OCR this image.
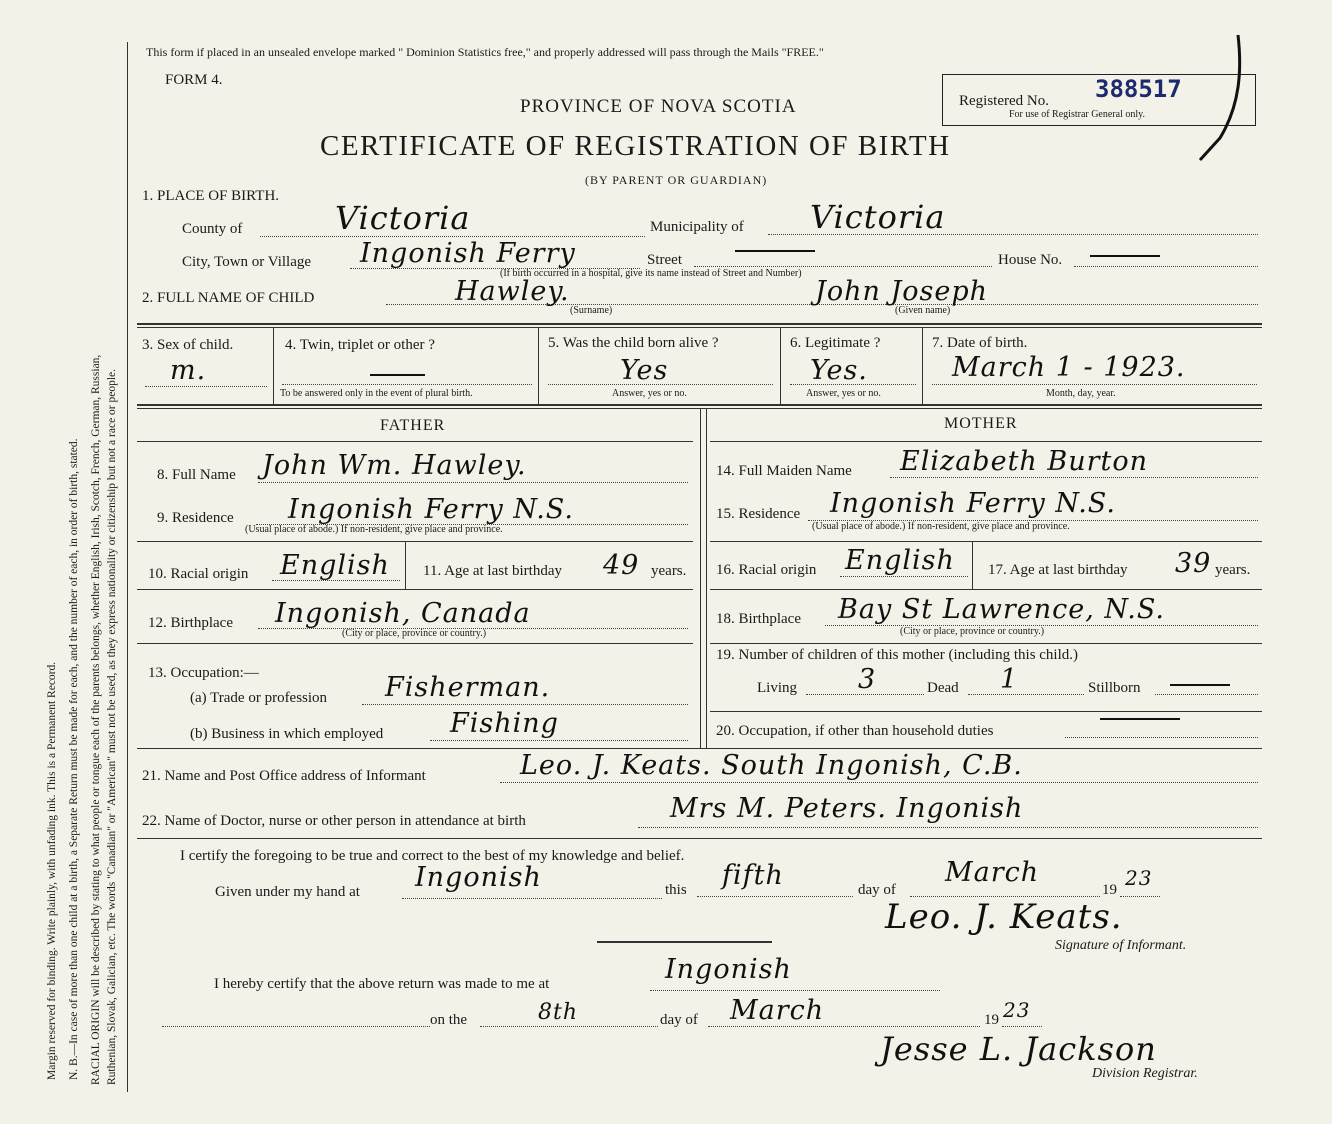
Margin reserved for binding. Write plainly, with unfading ink. This is a Permanent Record. N. B.—In case of more than one child at a birth, a Separate Return must be made for each, and the number of each, in order of birth, stated. RACIAL ORIGIN will be described by stating to what people or tongue each of the parents belongs, whether English, Irish, Scotch, French, German, Russian, Ruthenian, Slovak, Galician, etc. The words "Canadian" or "American" must not be used, as they express nationality or citizenship but not a race or people.
This form if placed in an unsealed envelope marked " Dominion Statistics free," and properly addressed will pass through the Mails "FREE."
FORM 4.
PROVINCE OF NOVA SCOTIA
CERTIFICATE OF REGISTRATION OF BIRTH
(BY PARENT OR GUARDIAN)
Registered No. 388517
For use of Registrar General only.
1. PLACE OF BIRTH.
County of	Victoria	Municipality of Victoria
City, Town or Village Ingonish Ferry	Street	House No.
(If birth occurred in a hospital, give its name instead of Street and Number)
2. FULL NAME OF CHILD	Hawley.	John Joseph
(Surname)	(Given name)
3. Sex of child.
m.
4. Twin, triplet or other ?
To be answered only in the event of plural birth.
5. Was the child born alive ?
Yes
Answer, yes or no.
6. Legitimate ?
Yes.
Answer, yes or no.
7. Date of birth.
March 1 - 1923.
Month, day, year.
FATHER	MOTHER
8. Full Name John Wm. Hawley.
9. Residence Ingonish Ferry N.S.
(Usual place of abode.) If non-resident, give place and province.
10. Racial origin English 11. Age at last birthday 49 years.
12. Birthplace Ingonish, Canada
(City or place, province or country.)
13. Occupation:—
(a) Trade or profession Fisherman.
(b) Business in which employed Fishing
14. Full Maiden Name Elizabeth Burton
15. Residence Ingonish Ferry N.S.
(Usual place of abode.) If non-resident, give place and province.
16. Racial origin English 17. Age at last birthday 39 years.
18. Birthplace Bay St Lawrence, N.S.
(City or place, province or country.)
19. Number of children of this mother (including this child.)
Living 3	Dead 1	Stillborn
20. Occupation, if other than household duties
21. Name and Post Office address of Informant	Leo. J. Keats. South Ingonish, C.B.
22. Name of Doctor, nurse or other person in attendance at birth	Mrs M. Peters. Ingonish
I certify the foregoing to be true and correct to the best of my knowledge and belief.
Given under my hand at Ingonish	this fifth	day of
March
19 23
Leo. J. Keats.
Signature of Informant.
I hereby certify that the above return was made to me at	Ingonish
on the	8th	day of March	19 23
Jesse L. Jackson
Division Registrar.
